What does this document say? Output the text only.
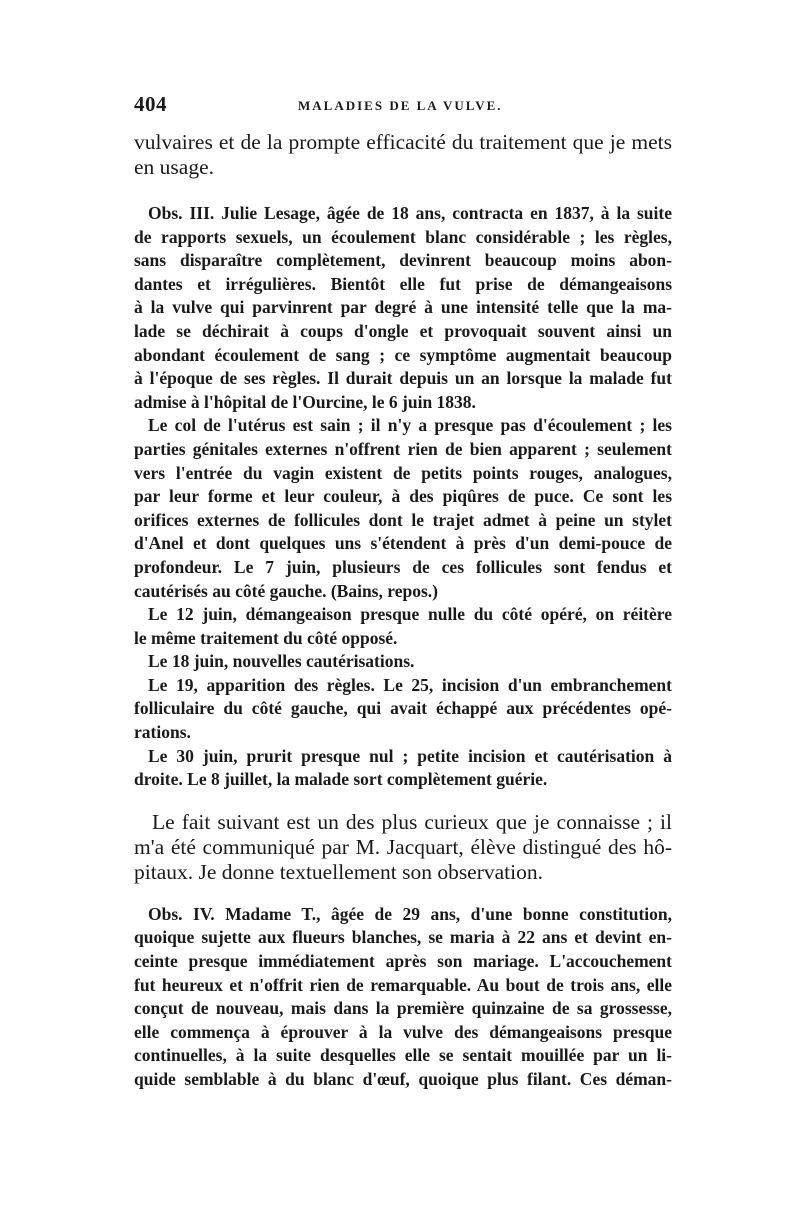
404	MALADIES DE LA VULVE.
vulvaires et de la prompte efficacité du traitement que je mets
en usage.
Obs. III. Julie Lesage, âgée de 18 ans, contracta en 1837, à la suite
de rapports sexuels, un écoulement blanc considérable ; les règles,
sans disparaître complètement, devinrent beaucoup moins abon-
dantes et irrégulières. Bientôt elle fut prise de démangeaisons
à la vulve qui parvinrent par degré à une intensité telle que la ma-
lade se déchirait à coups d'ongle et provoquait souvent ainsi un
abondant écoulement de sang ; ce symptôme augmentait beaucoup
à l'époque de ses règles. Il durait depuis un an lorsque la malade fut
admise à l'hôpital de l'Ourcine, le 6 juin 1838.
Le col de l'utérus est sain ; il n'y a presque pas d'écoulement ; les
parties génitales externes n'offrent rien de bien apparent ; seulement
vers l'entrée du vagin existent de petits points rouges, analogues,
par leur forme et leur couleur, à des piqûres de puce. Ce sont les
orifices externes de follicules dont le trajet admet à peine un stylet
d'Anel et dont quelques uns s'étendent à près d'un demi-pouce de
profondeur. Le 7 juin, plusieurs de ces follicules sont fendus et
cautérisés au côté gauche. (Bains, repos.)
Le 12 juin, démangeaison presque nulle du côté opéré, on réitère
le même traitement du côté opposé.
Le 18 juin, nouvelles cautérisations.
Le 19, apparition des règles. Le 25, incision d'un embranchement
folliculaire du côté gauche, qui avait échappé aux précédentes opé-
rations.
Le 30 juin, prurit presque nul ; petite incision et cautérisation à
droite. Le 8 juillet, la malade sort complètement guérie.
Le fait suivant est un des plus curieux que je connaisse ; il
m'a été communiqué par M. Jacquart, élève distingué des hô-
pitaux. Je donne textuellement son observation.
Obs. IV. Madame T., âgée de 29 ans, d'une bonne constitution,
quoique sujette aux flueurs blanches, se maria à 22 ans et devint en-
ceinte presque immédiatement après son mariage. L'accouchement
fut heureux et n'offrit rien de remarquable. Au bout de trois ans, elle
conçut de nouveau, mais dans la première quinzaine de sa grossesse,
elle commença à éprouver à la vulve des démangeaisons presque
continuelles, à la suite desquelles elle se sentait mouillée par un li-
quide semblable à du blanc d'œuf, quoique plus filant. Ces déman-
